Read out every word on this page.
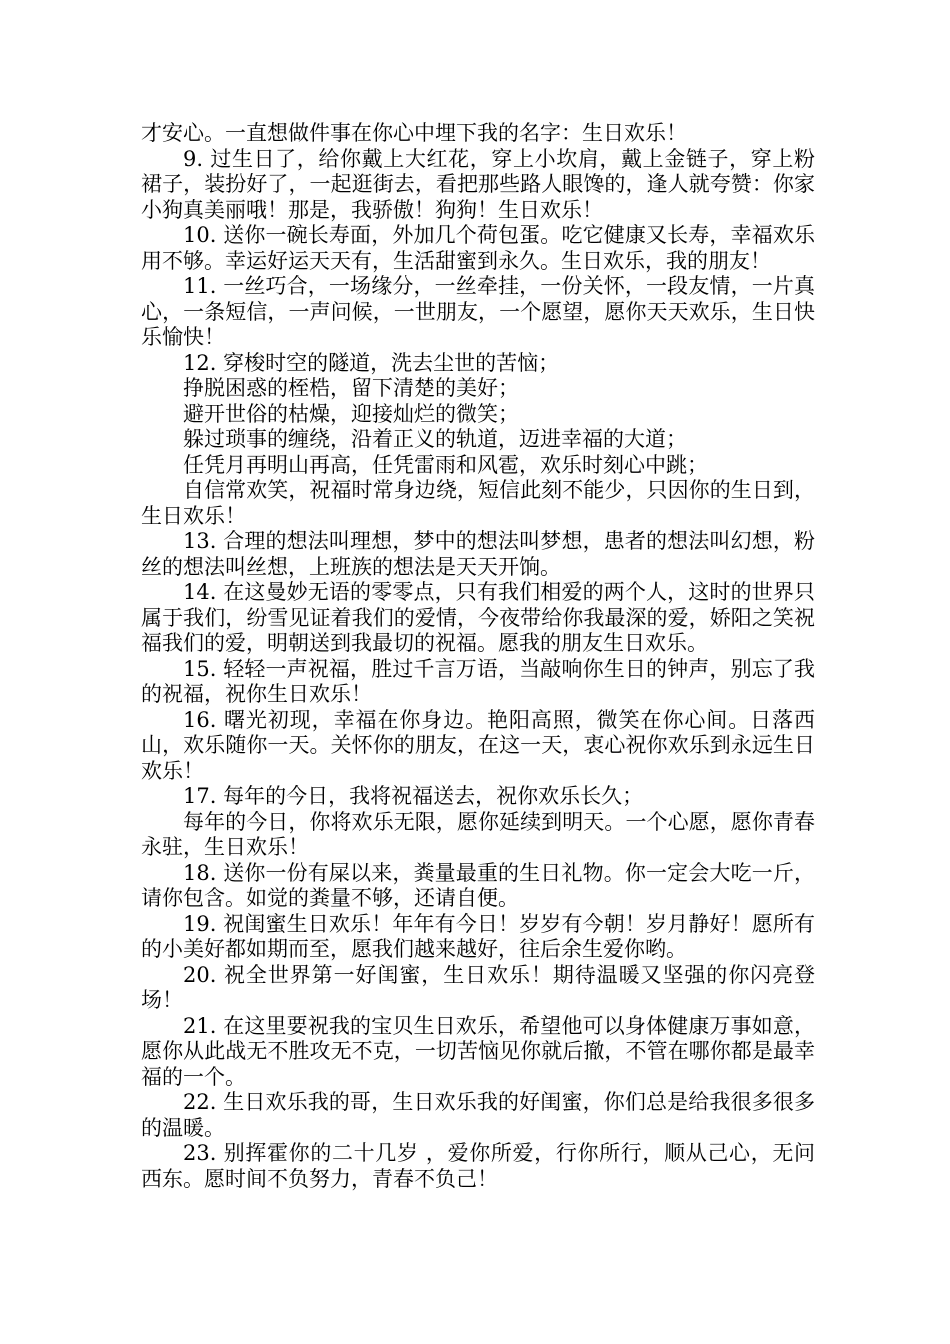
才安心。一直想做件事在你心中埋下我的名字：生日欢乐！

9. 过生日了，给你戴上大红花，穿上小坎肩，戴上金链子，穿上粉裙子，装扮好了，一起逛街去，看把那些路人眼馋的，逢人就夸赞：你家小狗真美丽哦！那是，我骄傲！狗狗！生日欢乐！

10. 送你一碗长寿面，外加几个荷包蛋。吃它健康又长寿，幸福欢乐用不够。幸运好运天天有，生活甜蜜到永久。生日欢乐，我的朋友！

11. 一丝巧合，一场缘分，一丝牵挂，一份关怀，一段友情，一片真心，一条短信，一声问候，一世朋友，一个愿望，愿你天天欢乐，生日快乐愉快！

12. 穿梭时空的隧道，洗去尘世的苦恼；

挣脱困惑的桎梏，留下清楚的美好；

避开世俗的枯燥，迎接灿烂的微笑；

躲过琐事的缠绕，沿着正义的轨道，迈进幸福的大道；

任凭月再明山再高，任凭雷雨和风雹，欢乐时刻心中跳；

自信常欢笑，祝福时常身边绕，短信此刻不能少，只因你的生日到，生日欢乐！

13. 合理的想法叫理想，梦中的想法叫梦想，患者的想法叫幻想，粉丝的想法叫丝想，上班族的想法是天天开饷。

14. 在这曼妙无语的零零点，只有我们相爱的两个人，这时的世界只属于我们，纷雪见证着我们的爱情，今夜带给你我最深的爱，娇阳之笑祝福我们的爱，明朝送到我最切的祝福。愿我的朋友生日欢乐。

15. 轻轻一声祝福，胜过千言万语，当敲响你生日的钟声，别忘了我的祝福，祝你生日欢乐！

16. 曙光初现，幸福在你身边。艳阳高照，微笑在你心间。日落西山，欢乐随你一天。关怀你的朋友，在这一天，衷心祝你欢乐到永远生日欢乐！

17. 每年的今日，我将祝福送去，祝你欢乐长久；

每年的今日，你将欢乐无限，愿你延续到明天。一个心愿，愿你青春永驻，生日欢乐！

18. 送你一份有屎以来，粪量最重的生日礼物。你一定会大吃一斤，请你包含。如觉的粪量不够，还请自便。

19. 祝闺蜜生日欢乐！年年有今日！岁岁有今朝！岁月静好！愿所有的小美好都如期而至，愿我们越来越好，往后余生爱你哟。

20. 祝全世界第一好闺蜜，生日欢乐！期待温暖又坚强的你闪亮登场！

21. 在这里要祝我的宝贝生日欢乐，希望他可以身体健康万事如意，愿你从此战无不胜攻无不克，一切苦恼见你就后撤，不管在哪你都是最幸福的一个。

22. 生日欢乐我的哥，生日欢乐我的好闺蜜，你们总是给我很多很多的温暖。

23. 别挥霍你的二十几岁 ，爱你所爱，行你所行，顺从己心，无问西东。愿时间不负努力，青春不负己！
